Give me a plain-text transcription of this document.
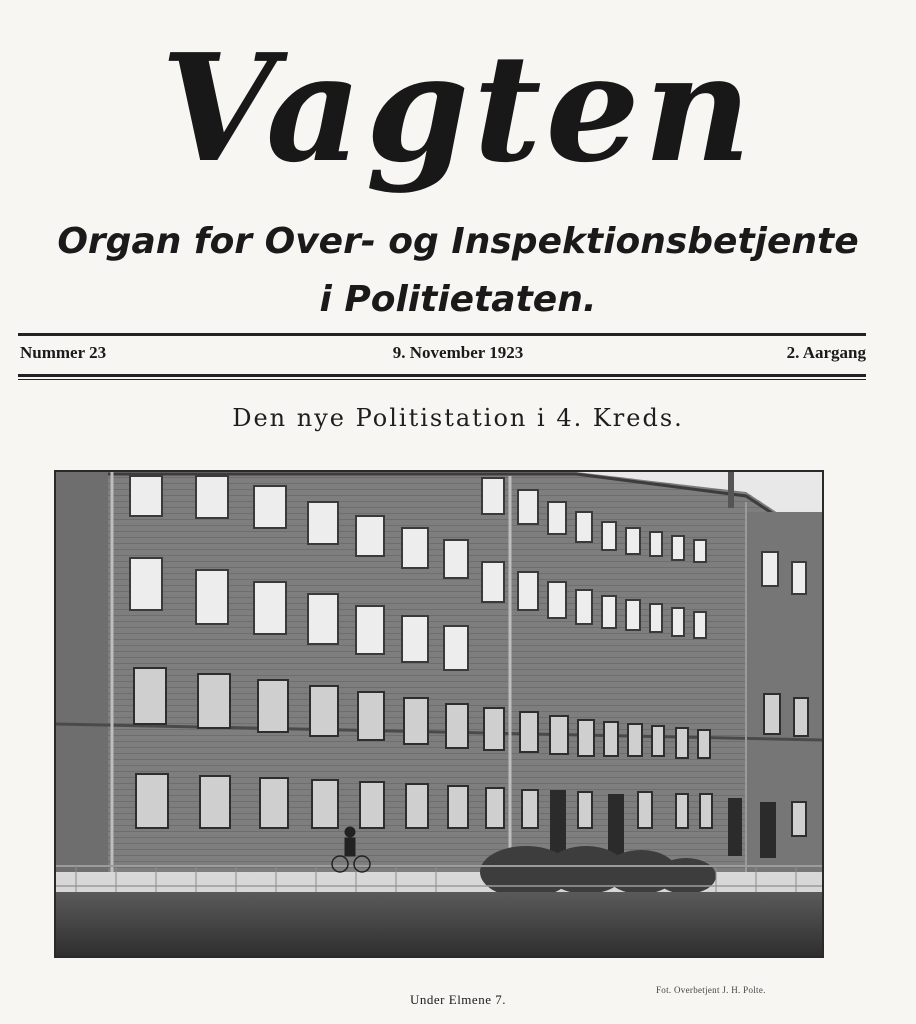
Vagten
Organ for Over- og Inspektionsbetjente
i Politietaten.
Nummer 23	9. November 1923	2. Aargang
Den nye Politistation i 4. Kreds.
Under Elmene 7.
Fot. Overbetjent J. H. Polte.
